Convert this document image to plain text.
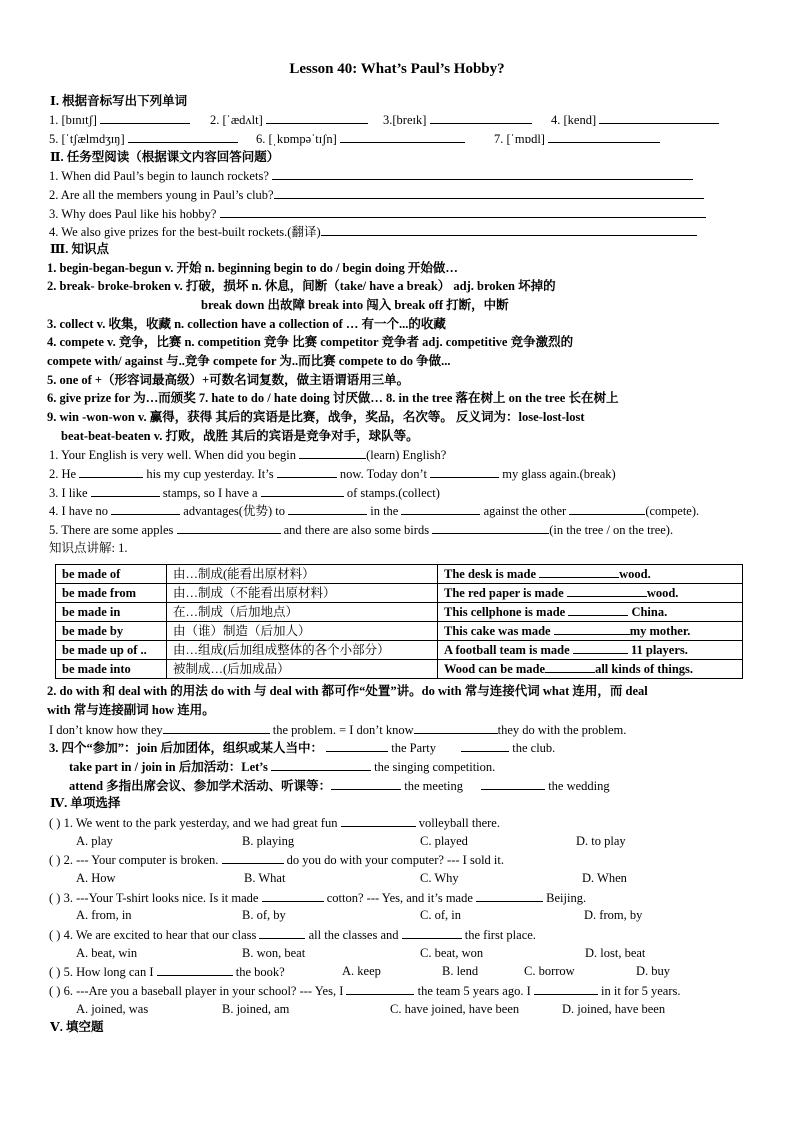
Lesson 40: What’s Paul’s Hobby?
Ⅰ. 根据音标写出下列单词
1. [bɪnɪtʃ]	2. [ˈædʌlt]	3.[breɪk]	4. [kend]
5. [ˈtʃælmdʒɪŋ]	6. [ˌkɒmpəˈtɪʃn]	7. [ˈmɒdl]
Ⅱ. 任务型阅读（根据课文内容回答问题）
1. When did Paul’s begin to launch rockets?
2. Are all the members young in Paul’s club?
3. Why does Paul like his hobby?
4. We also give prizes for the best-built rockets.(翻译)
Ⅲ. 知识点
1. begin-began-begun v. 开始 n. beginning begin to do / begin doing 开始做…
2. break- broke-broken v. 打破，损坏 n. 休息，间断（take/ have a break） adj. broken 坏掉的
break down 出故障 break into 闯入 break off 打断，中断
3. collect v. 收集，收藏 n. collection have a collection of … 有一个...的收藏
4. compete v. 竞争，比赛 n. competition 竞争 比赛 competitor 竞争者 adj. competitive 竞争激烈的
compete with/ against 与..竞争 compete for 为..而比赛 compete to do 争做...
5. one of +（形容词最高级）+可数名词复数，做主语谓语用三单。
6. give prize for 为…而颁奖 7. hate to do / hate doing 讨厌做… 8. in the tree 落在树上 on the tree 长在树上
9. win -won-won v. 赢得，获得 其后的宾语是比赛，战争，奖品，名次等。 反义词为：lose-lost-lost
beat-beat-beaten v. 打败，战胜 其后的宾语是竞争对手，球队等。
1. Your English is very well. When did you begin	(learn) English?
2. He	his my cup yesterday. It’s	now. Today don’t	my glass again.(break)
3. I like	stamps, so I have a	of stamps.(collect)
4. I have no	advantages(优势) to	in the	against the other	(compete).
5. There are some apples	and there are also some birds	(in the tree / on the tree).
知识点讲解: 1.
be made of	由…制成(能看出原材料）	The desk is made wood.
be made from	由…制成（不能看出原材料）	The red paper is made wood.
be made in	在…制成（后加地点）	This cellphone is made China.
be made by	由（谁）制造（后加人）	This cake was made my mother.
be made up of ..	由…组成(后加组成整体的各个小部分）	A football team is made 11 players.
be made into	被制成…(后加成品）	Wood can be made all kinds of things.
2. do with 和 deal with 的用法 do with 与 deal with 都可作“处置”讲。do with 常与连接代词 what 连用，而 deal
with 常与连接副词 how 连用。
I don’t know how they	the problem. = I don’t know	they do with the problem.
3. 四个“参加”：join 后加团体，组织或某人当中：	the Party	the club.
take part in / join in 后加活动：Let’s	the singing competition.
attend 多指出席会议、参加学术活动、听课等：	the meeting	the wedding
Ⅳ. 单项选择
( ) 1. We went to the park yesterday, and we had great fun	volleyball there.
A. play	B. playing	C. played	D. to play
( ) 2. --- Your computer is broken.	do you do with your computer? --- I sold it.
A. How	B. What	C. Why	D. When
( ) 3. ---Your T-shirt looks nice. Is it made	cotton? --- Yes, and it’s made	Beijing.
A. from, in	B. of, by	C. of, in	D. from, by
( ) 4. We are excited to hear that our class	all the classes and	the first place.
A. beat, win	B. won, beat	C. beat, won	D. lost, beat
( ) 5. How long can I	the book?	A. keep	B. lend	C. borrow	D. buy
( ) 6. ---Are you a baseball player in your school? --- Yes, I	the team 5 years ago. I	in it for 5 years.
A. joined, was	B. joined, am	C. have joined, have been	D. joined, have been
Ⅴ. 填空题
